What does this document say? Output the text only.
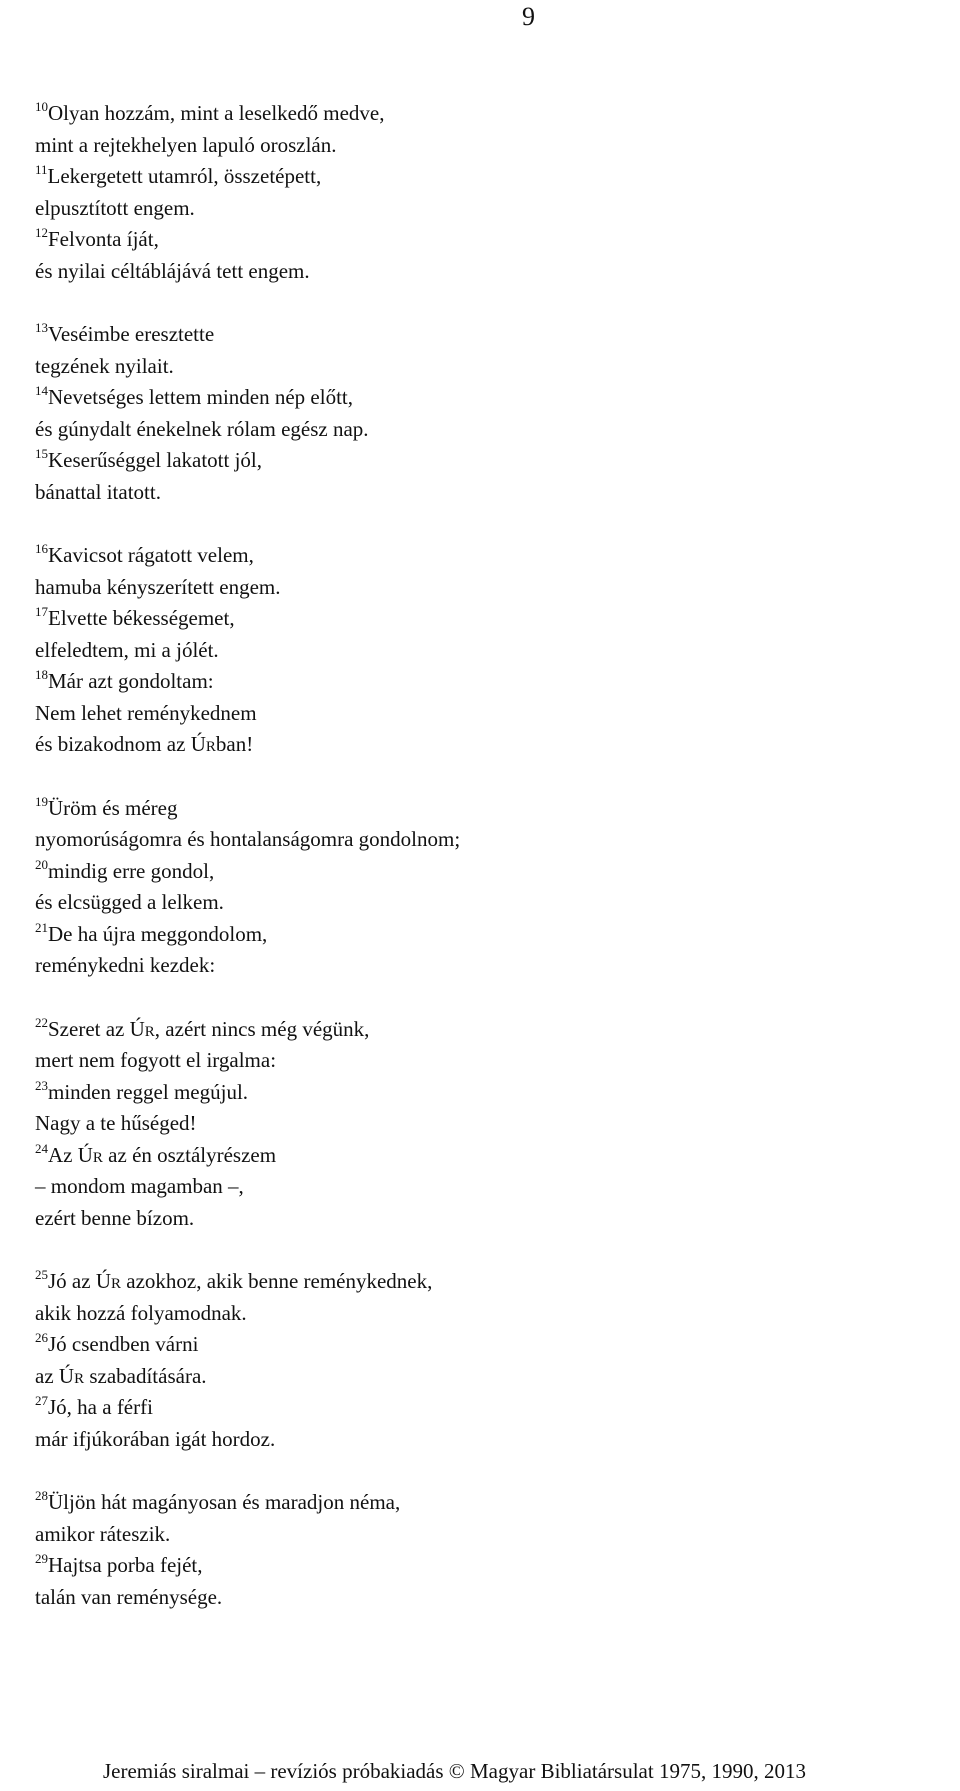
9
$^{10}$Olyan hozzám, mint a leselkedő medve,
mint a rejtekhelyen lapuló oroszlán.
$^{11}$Lekergetett utamról, összetépett,
elpusztított engem.
$^{12}$Felvonta íját,
és nyilai céltáblájává tett engem.
$^{13}$Veséimbe eresztette
tegzének nyilait.
$^{14}$Nevetséges lettem minden nép előtt,
és gúnydalt énekelnek rólam egész nap.
$^{15}$Keserűséggel lakatott jól,
bánattal itatott.
$^{16}$Kavicsot rágatott velem,
hamuba kényszerített engem.
$^{17}$Elvette békességemet,
elfeledtem, mi a jólét.
$^{18}$Már azt gondoltam:
Nem lehet reménykednem
és bizakodnom az Úrban!
$^{19}$Üröm és méreg
nyomorúságomra és hontalanságomra gondolnom;
$^{20}$mindig erre gondol,
és elcsügged a lelkem.
$^{21}$De ha újra meggondolom,
reménykedni kezdek:
$^{22}$Szeret az Úr, azért nincs még végünk,
mert nem fogyott el irgalma:
$^{23}$minden reggel megújul.
Nagy a te hűséged!
$^{24}$Az Úr az én osztályrészem
– mondom magamban –,
ezért benne bízom.
$^{25}$Jó az Úr azokhoz, akik benne reménykednek,
akik hozzá folyamodnak.
$^{26}$Jó csendben várni
az Úr szabadítására.
$^{27}$Jó, ha a férfi
már ifjúkorában igát hordoz.
$^{28}$Üljön hát magányosan és maradjon néma,
amikor ráteszik.
$^{29}$Hajtsa porba fejét,
talán van reménysége.
Jeremiás siralmai – revíziós próbakiadás © Magyar Bibliatársulat 1975, 1990, 2013
